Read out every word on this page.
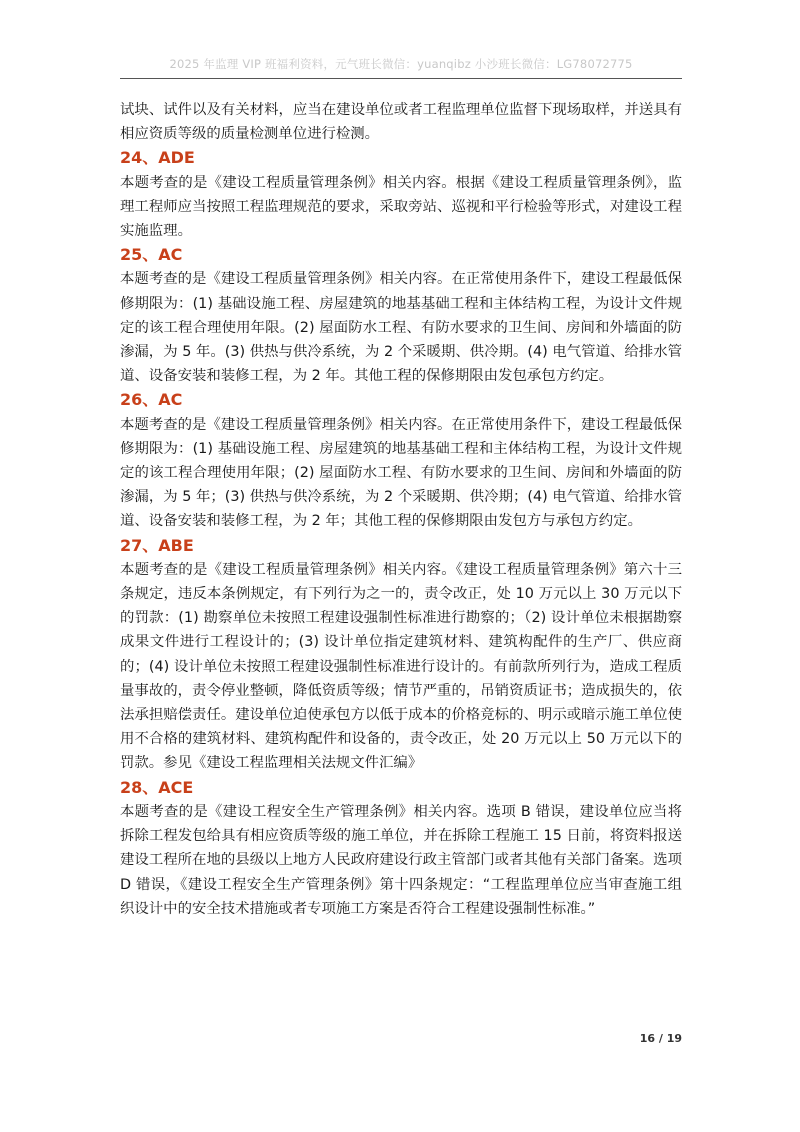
2025 年监理 VIP 班福利资料，元气班长微信：yuanqibz 小沙班长微信：LG78072775

试块、试件以及有关材料，应当在建设单位或者工程监理单位监督下现场取样，并送具有相应资质等级的质量检测单位进行检测。

24、ADE

本题考查的是《建设工程质量管理条例》相关内容。根据《建设工程质量管理条例》，监理工程师应当按照工程监理规范的要求，采取旁站、巡视和平行检验等形式，对建设工程实施监理。

25、AC

本题考查的是《建设工程质量管理条例》相关内容。在正常使用条件下，建设工程最低保修期限为：(1) 基础设施工程、房屋建筑的地基基础工程和主体结构工程，为设计文件规定的该工程合理使用年限。(2) 屋面防水工程、有防水要求的卫生间、房间和外墙面的防渗漏，为 5 年。(3) 供热与供冷系统，为 2 个采暖期、供冷期。(4) 电气管道、给排水管道、设备安装和装修工程，为 2 年。其他工程的保修期限由发包承包方约定。

26、AC

本题考查的是《建设工程质量管理条例》相关内容。在正常使用条件下，建设工程最低保修期限为：(1) 基础设施工程、房屋建筑的地基基础工程和主体结构工程，为设计文件规定的该工程合理使用年限；(2) 屋面防水工程、有防水要求的卫生间、房间和外墙面的防渗漏，为 5 年；(3) 供热与供冷系统，为 2 个采暖期、供冷期；(4) 电气管道、给排水管道、设备安装和装修工程，为 2 年；其他工程的保修期限由发包方与承包方约定。

27、ABE

本题考查的是《建设工程质量管理条例》相关内容。《建设工程质量管理条例》第六十三条规定，违反本条例规定，有下列行为之一的，责令改正，处 10 万元以上 30 万元以下的罚款：(1) 勘察单位未按照工程建设强制性标准进行勘察的；（2) 设计单位未根据勘察成果文件进行工程设计的；(3) 设计单位指定建筑材料、建筑构配件的生产厂、供应商的；(4) 设计单位未按照工程建设强制性标准进行设计的。有前款所列行为，造成工程质量事故的，责令停业整顿，降低资质等级；情节严重的，吊销资质证书；造成损失的，依法承担赔偿责任。建设单位迫使承包方以低于成本的价格竞标的、明示或暗示施工单位使用不合格的建筑材料、建筑构配件和设备的，责令改正，处 20 万元以上 50 万元以下的罚款。参见《建设工程监理相关法规文件汇编》

28、ACE

本题考查的是《建设工程安全生产管理条例》相关内容。选项 B 错误，建设单位应当将拆除工程发包给具有相应资质等级的施工单位，并在拆除工程施工 15 日前，将资料报送建设工程所在地的县级以上地方人民政府建设行政主管部门或者其他有关部门备案。选项 D 错误，《建设工程安全生产管理条例》第十四条规定：“工程监理单位应当审查施工组织设计中的安全技术措施或者专项施工方案是否符合工程建设强制性标准。”

16 / 19
